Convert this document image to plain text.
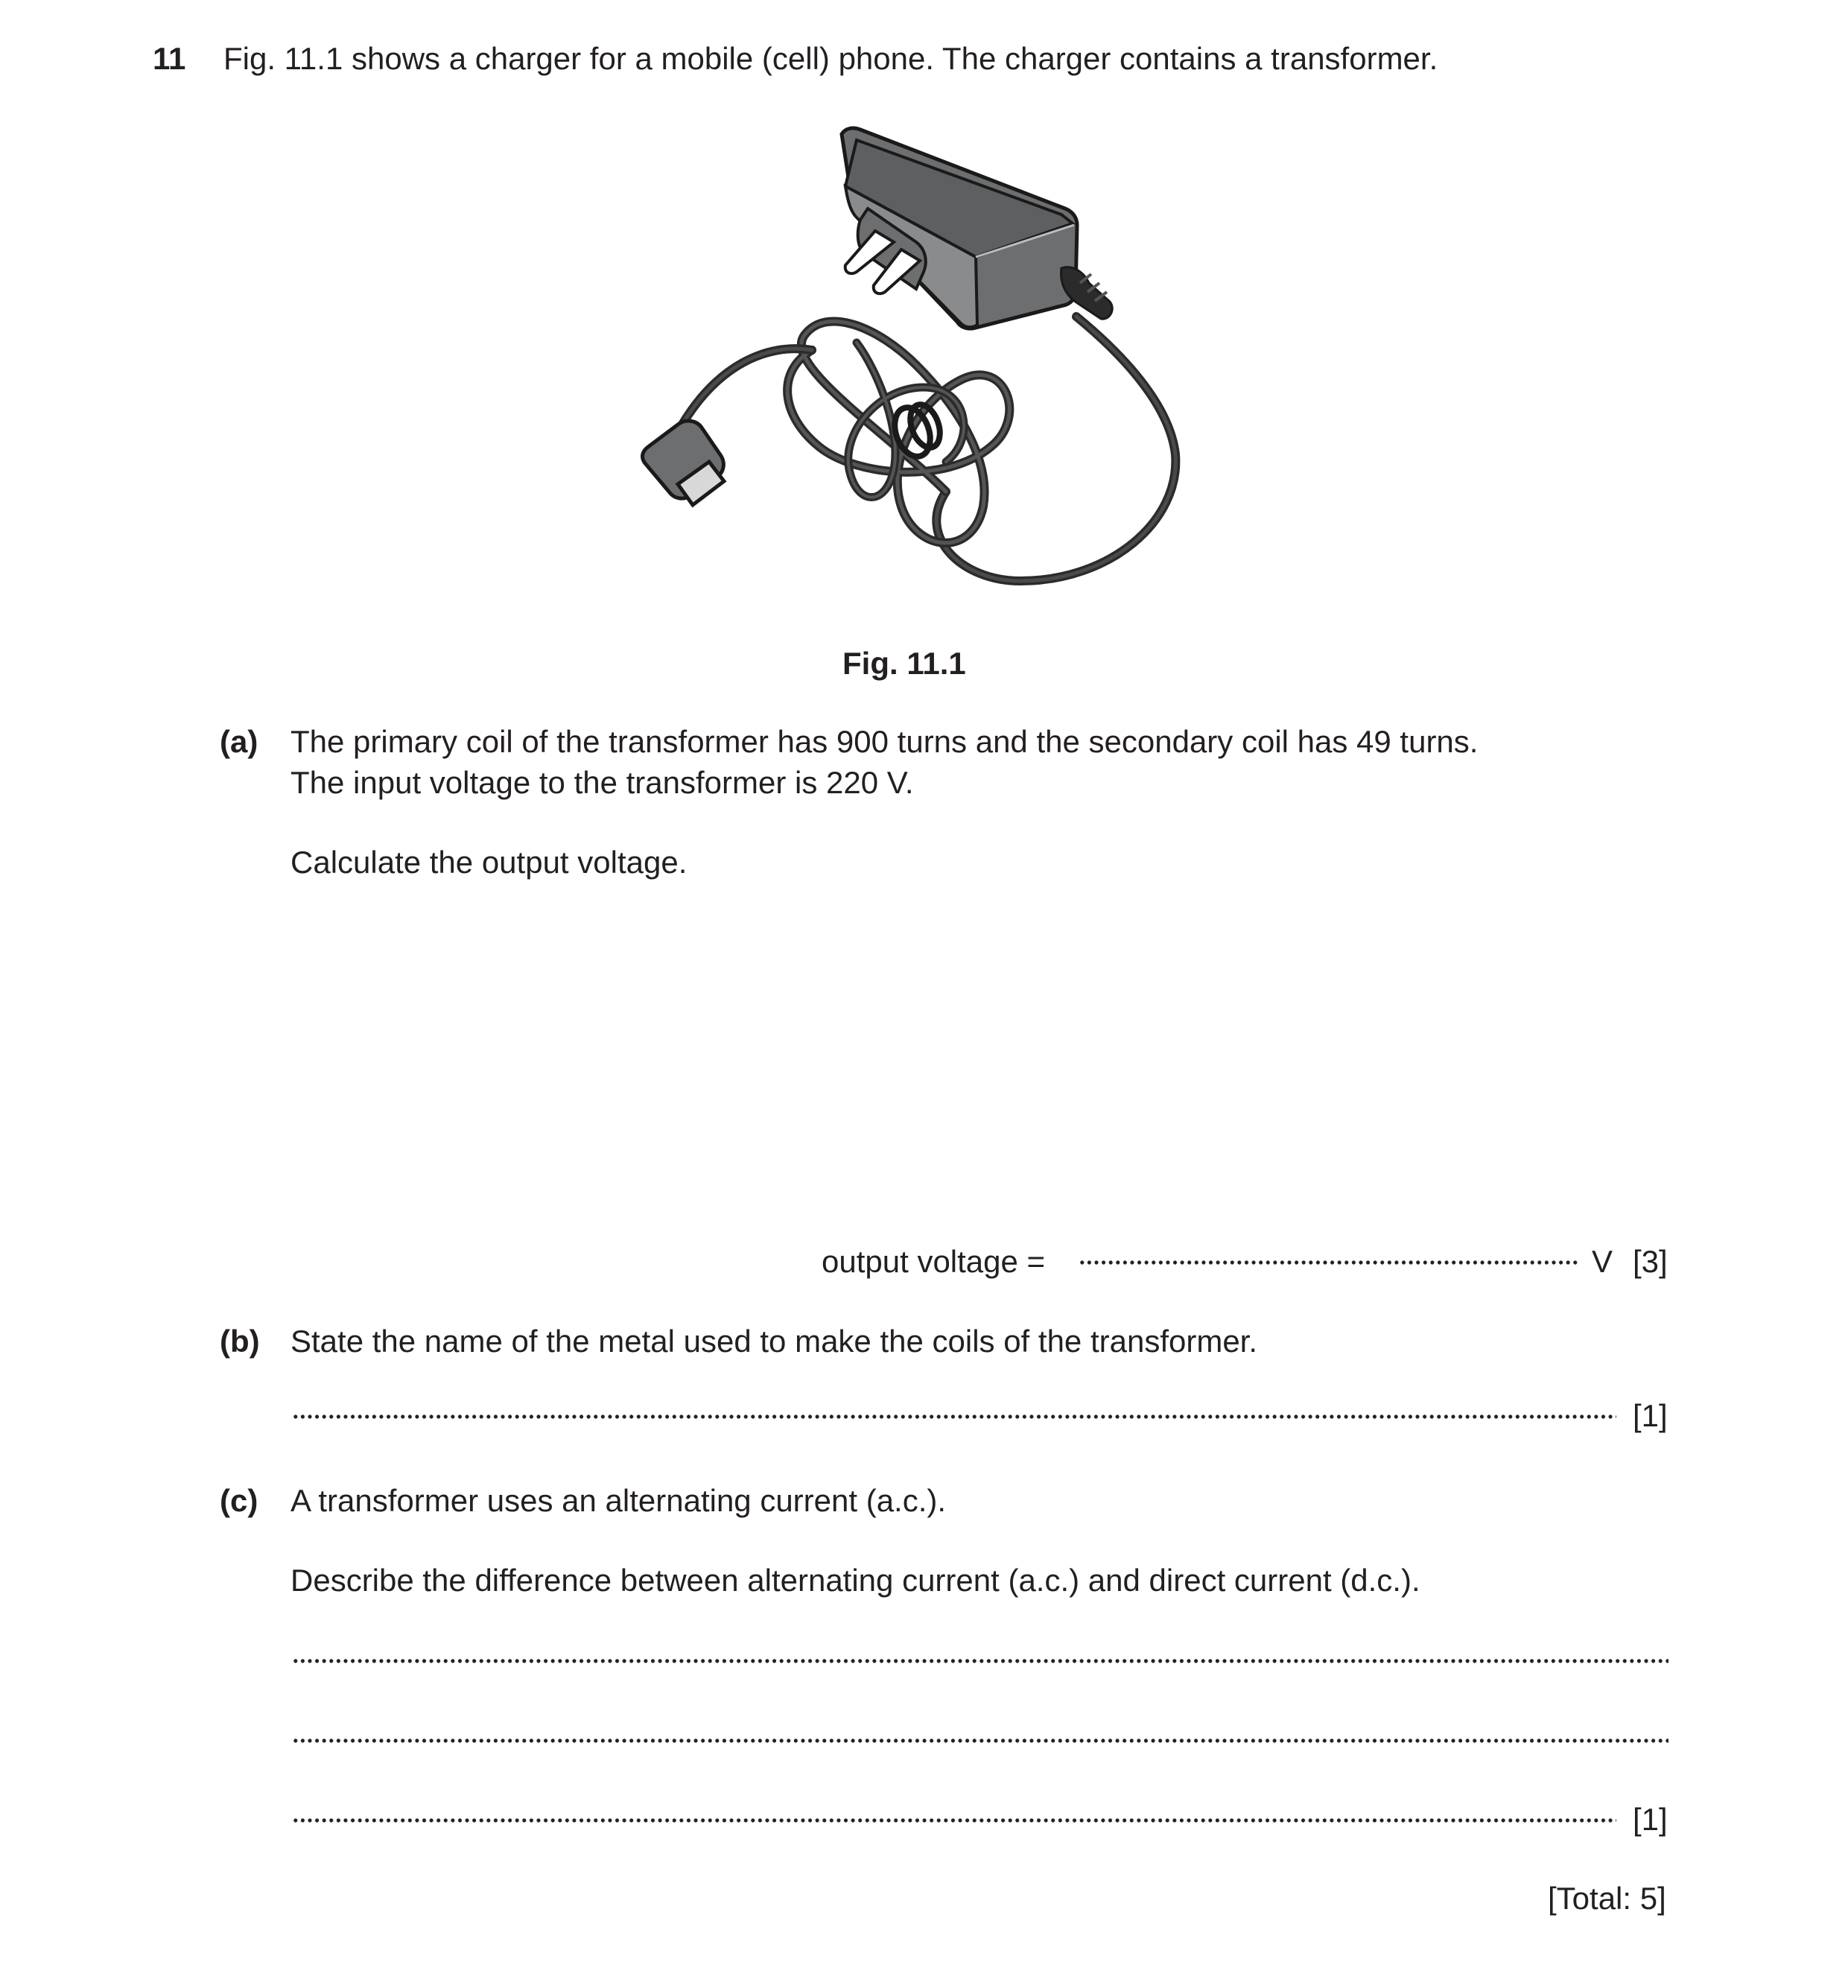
11 Fig. 11.1 shows a charger for a mobile (cell) phone. The charger contains a transformer.
Fig. 11.1
(a) The primary coil of the transformer has 900 turns and the secondary coil has 49 turns.
The input voltage to the transformer is 220 V.
Calculate the output voltage.
output voltage =	V [3]
(b) State the name of the metal used to make the coils of the transformer.
[1]
(c) A transformer uses an alternating current (a.c.).
Describe the difference between alternating current (a.c.) and direct current (d.c.).
[1]
[Total: 5]
